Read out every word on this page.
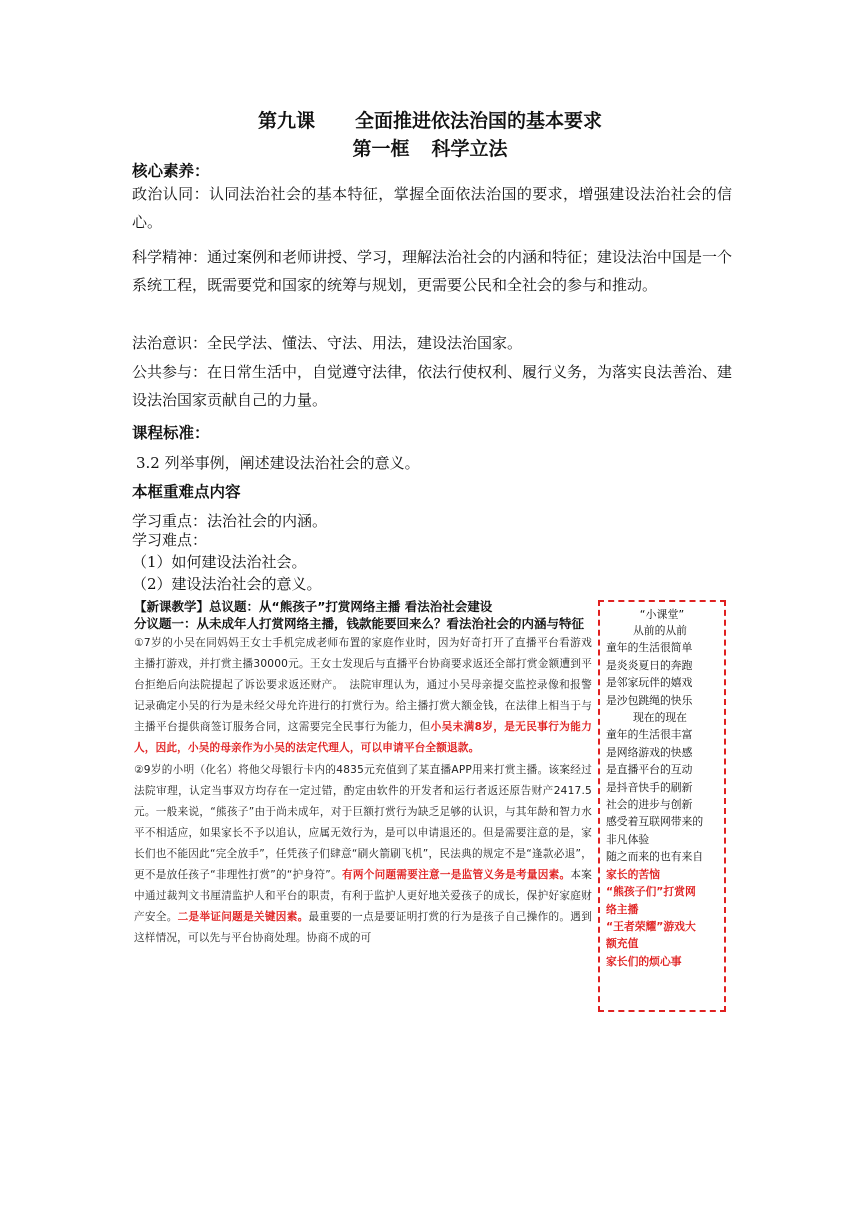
第九课 全面推进依法治国的基本要求
第一框 科学立法
核心素养：
政治认同：认同法治社会的基本特征，掌握全面依法治国的要求，增强建设法治社会的信心。
科学精神：通过案例和老师讲授、学习，理解法治社会的内涵和特征；建设法治中国是一个系统工程，既需要党和国家的统筹与规划，更需要公民和全社会的参与和推动。
法治意识：全民学法、懂法、守法、用法，建设法治国家。
公共参与：在日常生活中，自觉遵守法律，依法行使权利、履行义务，为落实良法善治、建设法治国家贡献自己的力量。
课程标准：
3.2 列举事例，阐述建设法治社会的意义。
本框重难点内容
学习重点：法治社会的内涵。
学习难点：
（1）如何建设法治社会。
（2）建设法治社会的意义。
【新课教学】总议题：从“熊孩子”打赏网络主播 看法治社会建设
分议题一：从未成年人打赏网络主播，钱款能要回来么？看法治社会的内涵与特征
①7岁的小吴在同妈妈王女士手机完成老师布置的家庭作业时，因为好奇打开了直播平台看游戏主播打游戏，并打赏主播30000元。王女士发现后与直播平台协商要求返还全部打赏金额遭到平台拒绝后向法院提起了诉讼要求返还财产。　法院审理认为，通过小吴母亲提交监控录像和报警记录确定小吴的行为是未经父母允许进行的打赏行为。给主播打赏大额金钱，在法律上相当于与主播平台提供商签订服务合同，这需要完全民事行为能力，但小吴未满8岁，是无民事行为能力人，因此，小吴的母亲作为小吴的法定代理人，可以申请平台全额退款。
②9岁的小明（化名）将他父母银行卡内的4835元充值到了某直播APP用来打赏主播。该案经过法院审理，认定当事双方均存在一定过错，酌定由软件的开发者和运行者返还原告财产2417.5元。一般来说，“熊孩子”由于尚未成年，对于巨额打赏行为缺乏足够的认识，与其年龄和智力水平不相适应，如果家长不予以追认，应属无效行为，是可以申请退还的。但是需要注意的是，家长们也不能因此“完全放手”，任凭孩子们肆意“刷火箭刷飞机”，民法典的规定不是“逢款必退”，更不是放任孩子“非理性打赏”的“护身符”。有两个问题需要注意一是监管义务是考量因素。本案中通过裁判文书厘清监护人和平台的职责，有利于监护人更好地关爱孩子的成长，保护好家庭财产安全。二是举证问题是关键因素。最重要的一点是要证明打赏的行为是孩子自己操作的。遇到这样情况，可以先与平台协商处理。协商不成的可
“小课堂”
从前的从前
童年的生活很简单
是炎炎夏日的奔跑
是邻家玩伴的嬉戏
是沙包跳绳的快乐
现在的现在
童年的生活很丰富
是网络游戏的快感
是直播平台的互动
是抖音快手的刷新
社会的进步与创新
感受着互联网带来的
非凡体验
随之而来的也有来自
家长的苦恼
“熊孩子们”打赏网
络主播
“王者荣耀”游戏大
额充值
家长们的烦心事
